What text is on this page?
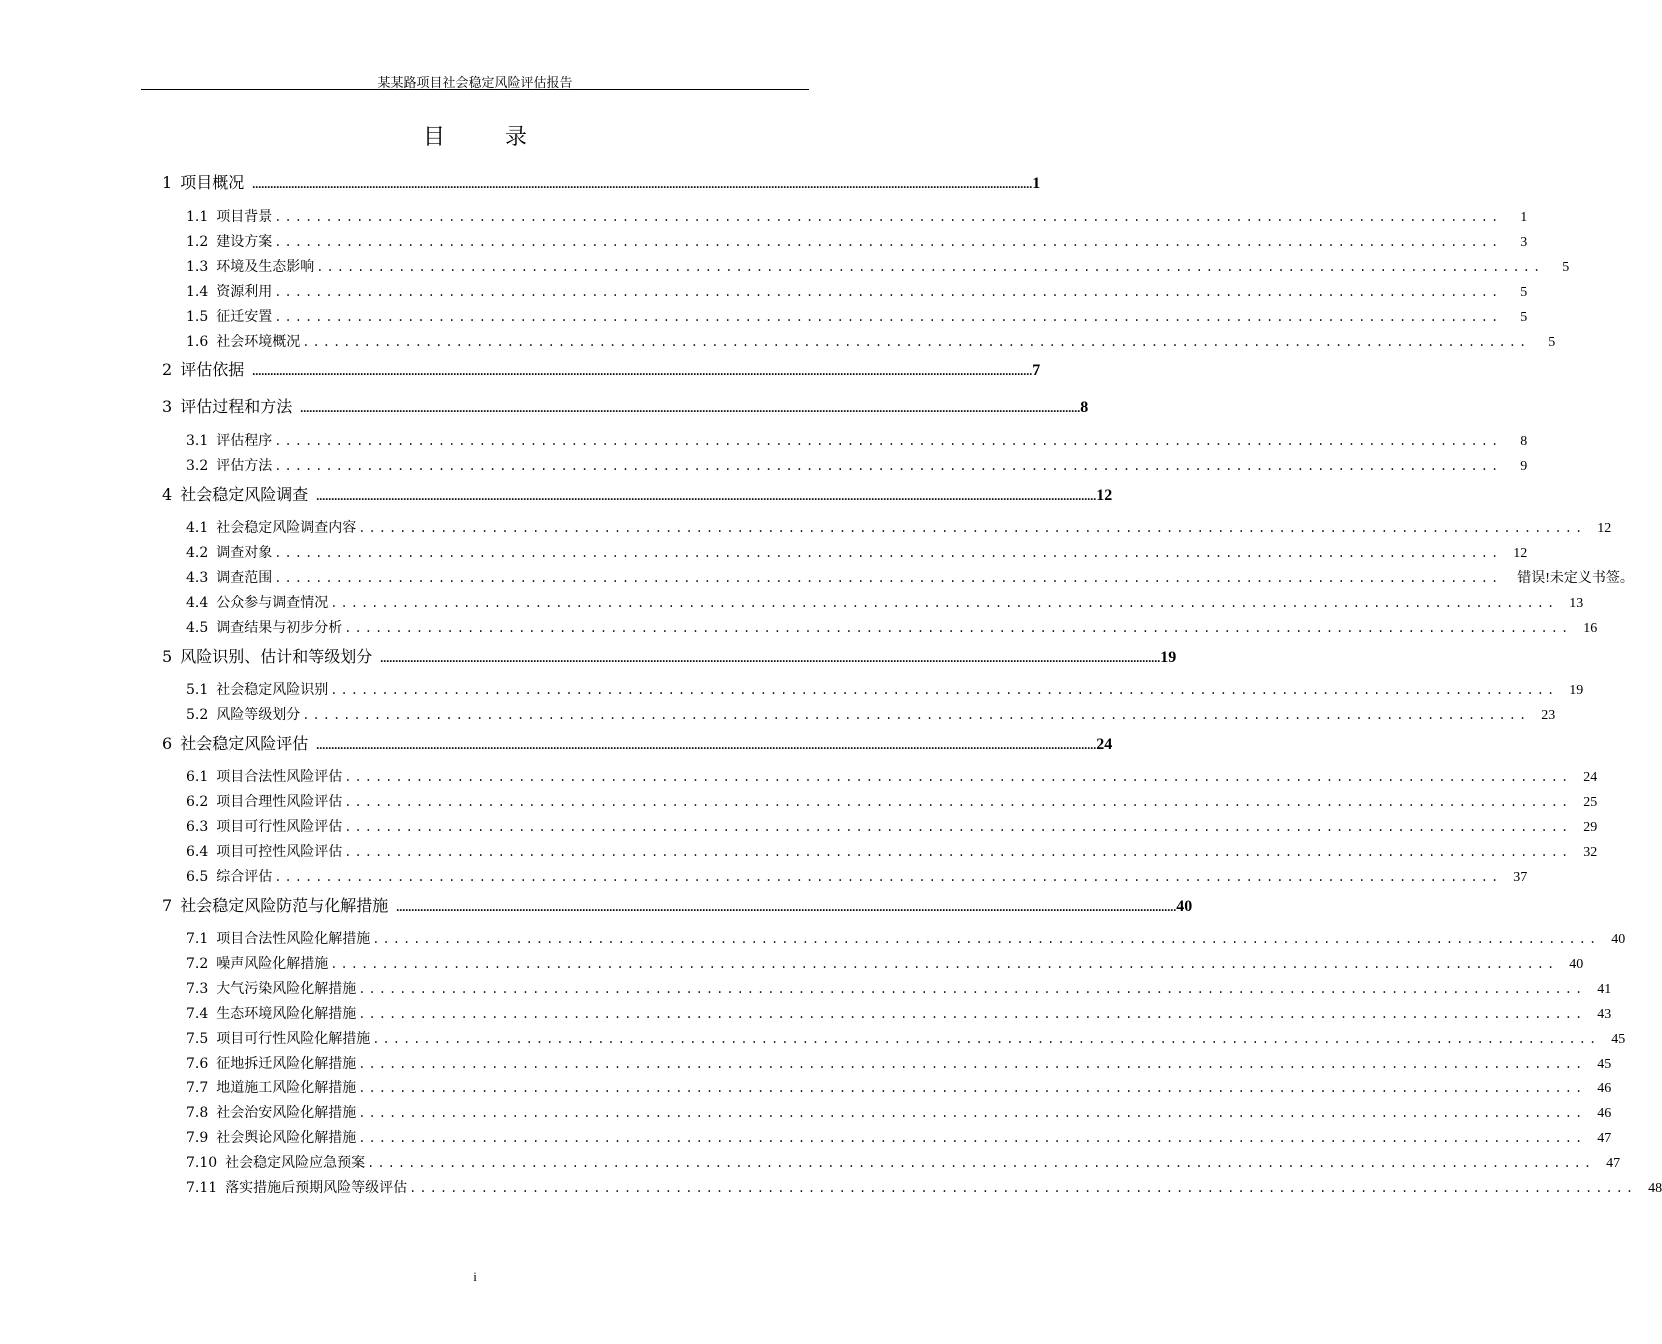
某某路项目社会稳定风险评估报告
目录
1 项目概况 .................................................................................................................................................................................................................................................................... 1
1.1 项目背景 ........................................................................................................................	1
1.2 建设方案 ........................................................................................................................	3
1.3 环境及生态影响 ........................................................................................................................	5
1.4 资源利用 ........................................................................................................................	5
1.5 征迁安置 ........................................................................................................................	5
1.6 社会环境概况 ........................................................................................................................	5
2 评估依据 .................................................................................................................................................................................................................................................................... 7
3 评估过程和方法 .................................................................................................................................................................................................................................................................... 8
3.1 评估程序 ........................................................................................................................	8
3.2 评估方法 ........................................................................................................................	9
4 社会稳定风险调查 .................................................................................................................................................................................................................................................................... 12
4.1 社会稳定风险调查内容 ........................................................................................................................ 12
4.2 调查对象 ........................................................................................................................ 12
4.3 调查范围 ........................................................................................................................ 错误!未定义书签。
4.4 公众参与调查情况 ........................................................................................................................ 13
4.5 调查结果与初步分析 ........................................................................................................................ 16
5 风险识别、估计和等级划分 .................................................................................................................................................................................................................................................................... 19
5.1 社会稳定风险识别 ........................................................................................................................ 19
5.2 风险等级划分 ........................................................................................................................ 23
6 社会稳定风险评估 .................................................................................................................................................................................................................................................................... 24
6.1 项目合法性风险评估 ........................................................................................................................ 24
6.2 项目合理性风险评估 ........................................................................................................................ 25
6.3 项目可行性风险评估 ........................................................................................................................ 29
6.4 项目可控性风险评估 ........................................................................................................................ 32
6.5 综合评估 ........................................................................................................................ 37
7 社会稳定风险防范与化解措施 .................................................................................................................................................................................................................................................................... 40
7.1 项目合法性风险化解措施 ........................................................................................................................ 40
7.2 噪声风险化解措施 ........................................................................................................................ 40
7.3 大气污染风险化解措施 ........................................................................................................................ 41
7.4 生态环境风险化解措施 ........................................................................................................................ 43
7.5 项目可行性风险化解措施 ........................................................................................................................ 45
7.6 征地拆迁风险化解措施 ........................................................................................................................ 45
7.7 地道施工风险化解措施 ........................................................................................................................ 46
7.8 社会治安风险化解措施 ........................................................................................................................ 46
7.9 社会舆论风险化解措施 ........................................................................................................................ 47
7.10 社会稳定风险应急预案 ........................................................................................................................ 47
7.11 落实措施后预期风险等级评估 ........................................................................................................................ 48
i
